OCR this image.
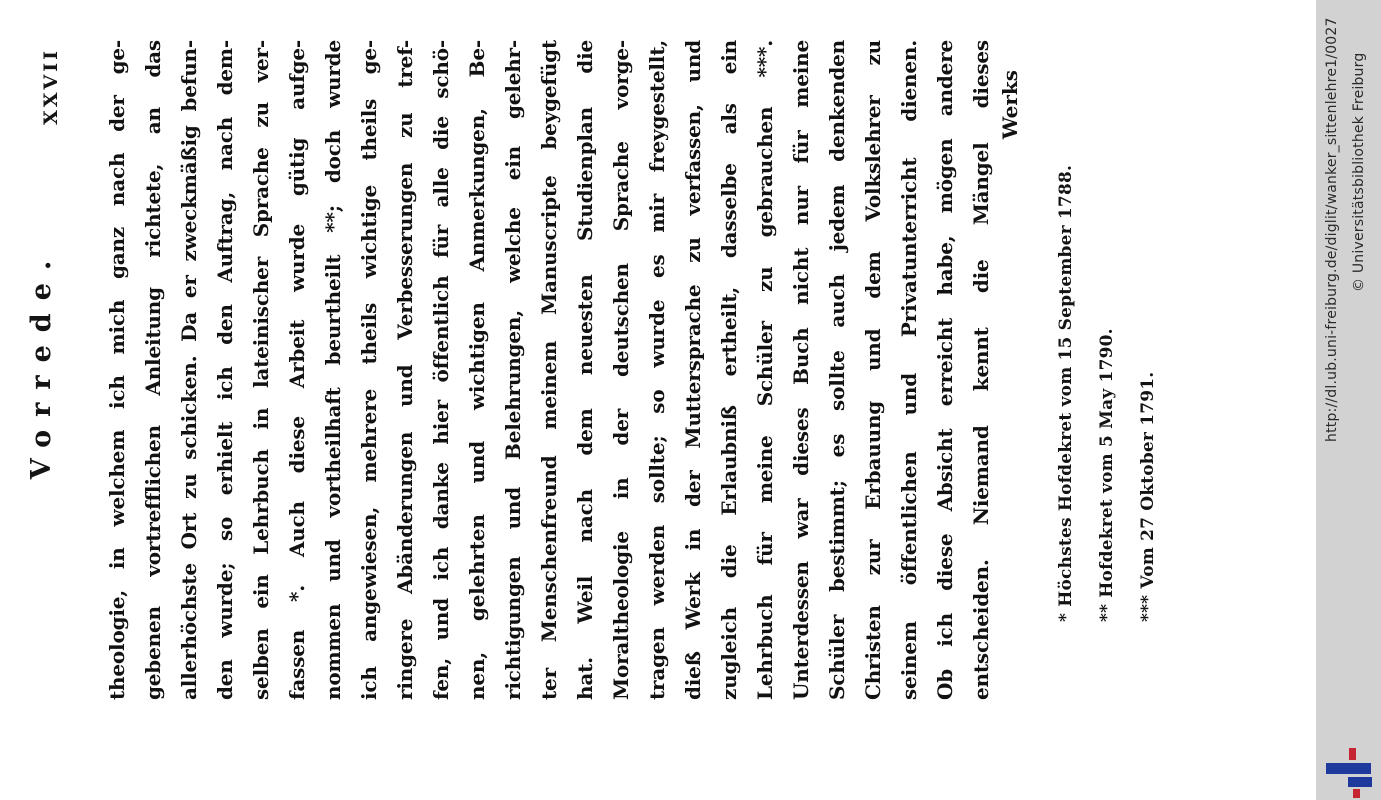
Vorrede.
XXVII	theologie, in welchem ich mich ganz nach der ge- gebenen vortrefflichen Anleitung richtete, an das allerhöchste Ort zu schicken. Da er zweckmäßig befun- den wurde; so erhielt ich den Auftrag, nach dem- selben ein Lehrbuch in lateinischer Sprache zu ver- fassen *. Auch diese Arbeit wurde gütig aufge- nommen und vortheilhaft beurtheilt **; doch wurde ich angewiesen, mehrere theils wichtige theils ge- ringere Abänderungen und Verbesserungen zu tref- fen, und ich danke hier öffentlich für alle die schö- nen, gelehrten und wichtigen Anmerkungen, Be- richtigungen und Belehrungen, welche ein gelehr- ter Menschenfreund meinem Manuscripte beygefügt hat. Weil nach dem neuesten Studienplan die Moraltheologie in der deutschen Sprache vorge- tragen werden sollte; so wurde es mir freygestellt, dieß Werk in der Muttersprache zu verfassen, und zugleich die Erlaubniß ertheilt, dasselbe als ein Lehrbuch für meine Schüler zu gebrauchen ***. Unterdessen war dieses Buch nicht nur für meine Schüler bestimmt; es sollte auch jedem denkenden Christen zur Erbauung und dem Volkslehrer zu seinem öffentlichen und Privatunterricht dienen. Ob ich diese Absicht erreicht habe, mögen andere entscheiden. Niemand kennt die Mängel dieses Werks
* Höchstes Hofdekret vom 15 September 1788.	** Hofdekret vom 5 May 1790.	*** Vom 27 Oktober 1791.
http://dl.ub.uni-freiburg.de/diglit/wanker_sittenlehre1/0027 © Universitätsbibliothek Freiburg
